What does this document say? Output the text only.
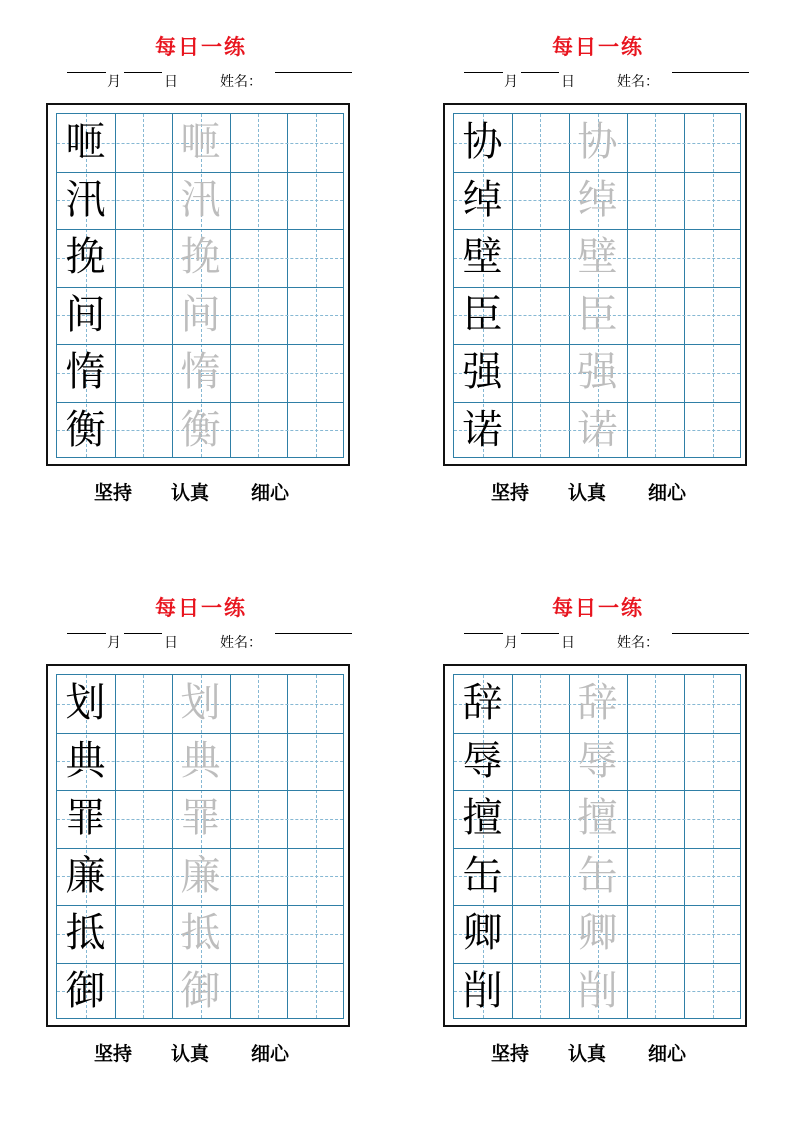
每日一练
月	日	姓名：
咂 咂
汛 汛
挽 挽
间 间
惰 惰
衡 衡
坚持 认真 细心
每日一练
月	日	姓名：
协 协
绰 绰
壁 壁
臣 臣
强 强
诺 诺
坚持 认真 细心
每日一练
月	日	姓名：
划 划
典 典
罪 罪
廉 廉
抵 抵
御 御
坚持 认真 细心
每日一练
月	日	姓名：
辞 辞
辱 辱
擅 擅
缶 缶
卿 卿
削 削
坚持 认真 细心
